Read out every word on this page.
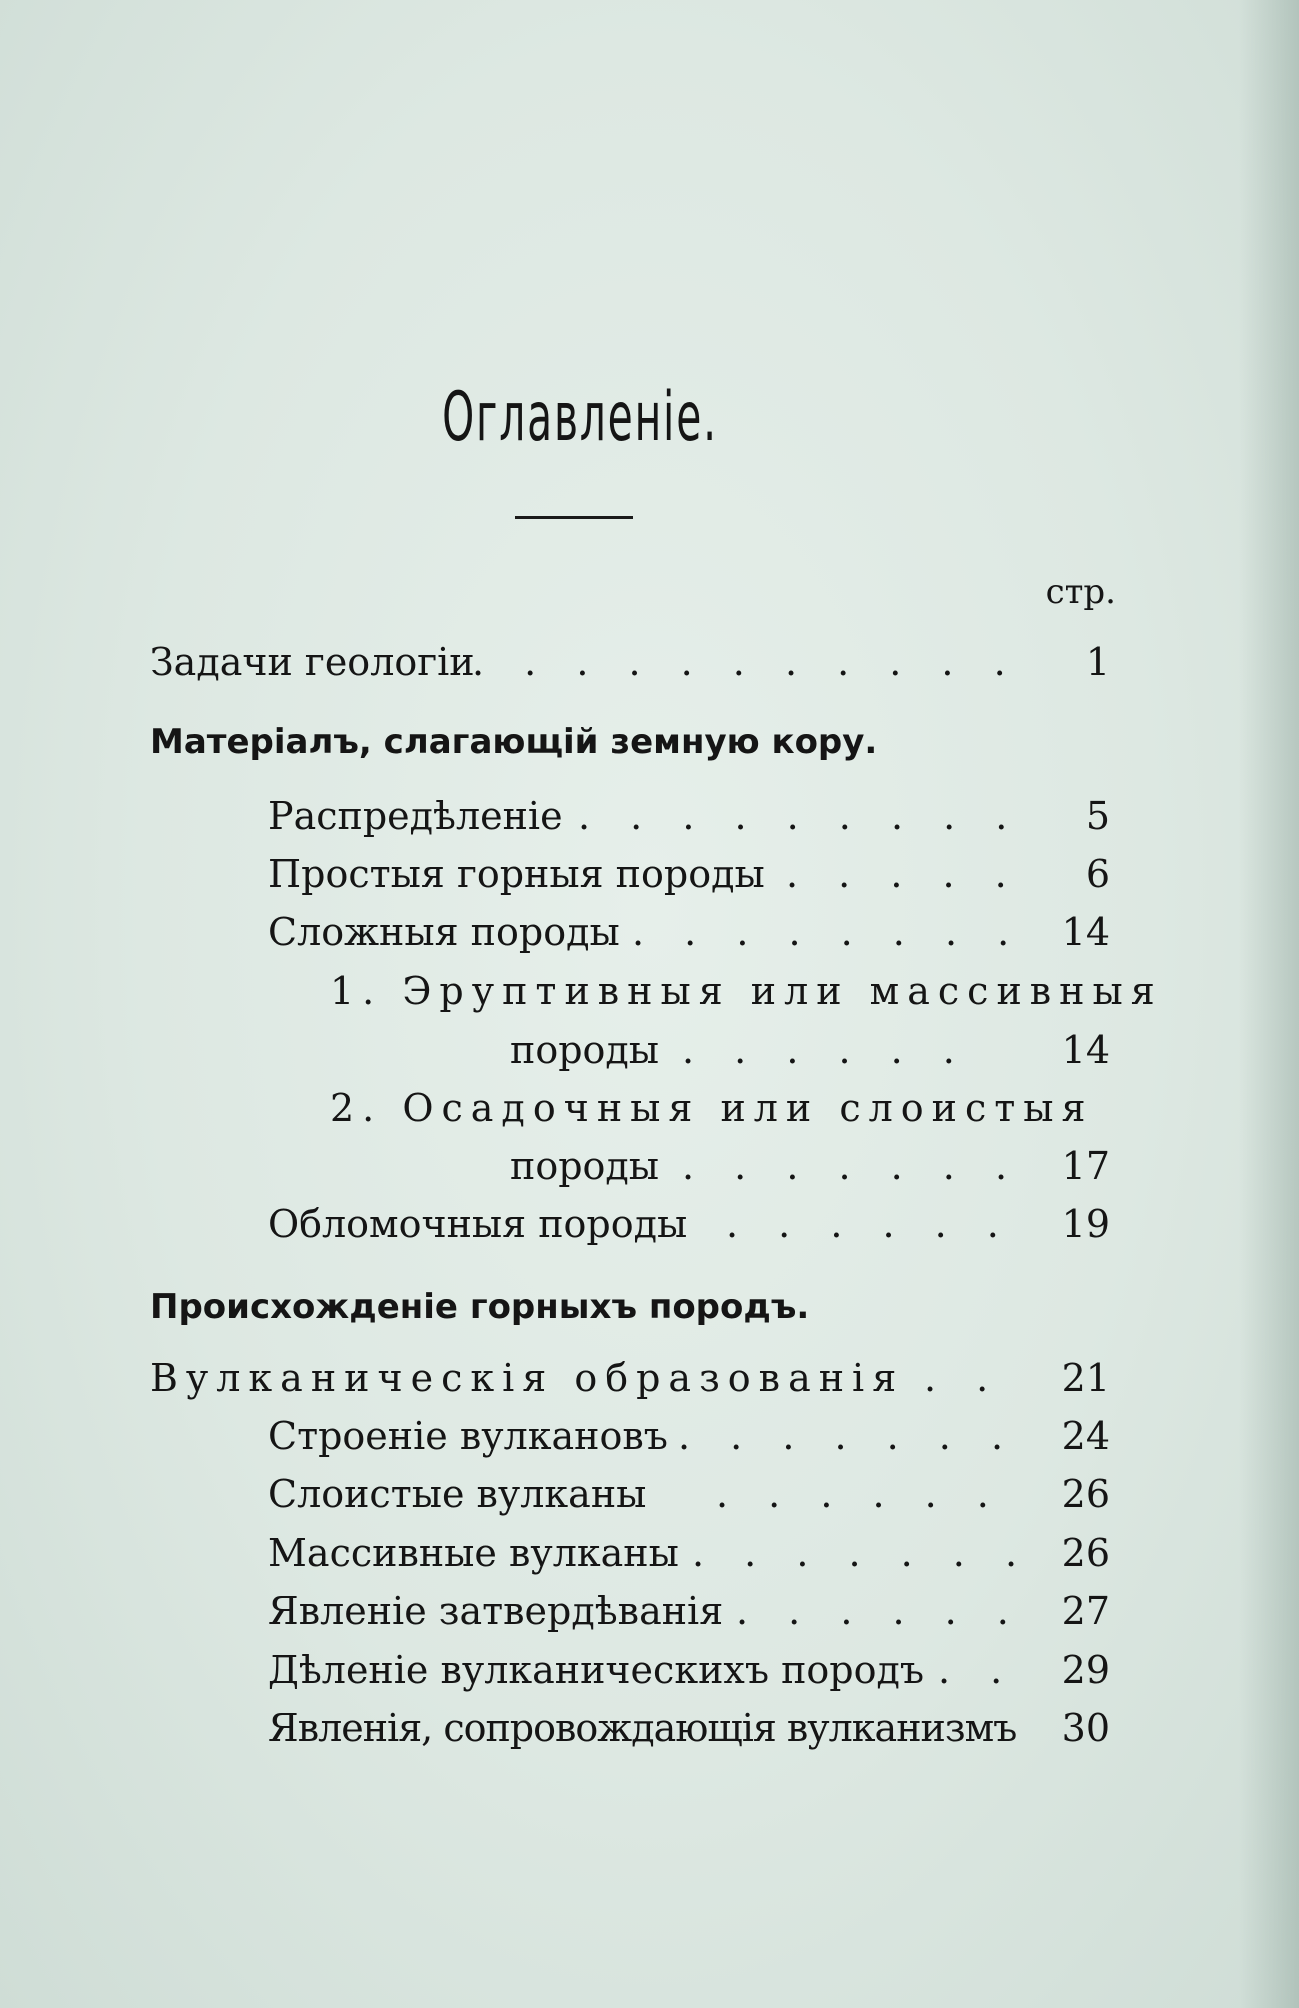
Оглавленіе.
стр.
Задачи геологіи
. . . . . . . . . . . 1
Матеріалъ, слагающій земную кору.
Распредѣленіе . . . . . . . . . 5
Простыя горныя породы . . . . . 6
Сложныя породы . . . . . . . . 14
1. Эруптивныя или массивныя
породы . . . . . . 14
2. Осадочныя или слоистыя
породы . . . . . . . 17
Обломочныя породы . . . . . . 19
Происхожденіе горныхъ породъ.
Вулканическія образованія . . 21
Строеніе вулкановъ . . . . . . . 24
Слоистые вулканы . . . . . . 26
Массивные вулканы . . . . . . . 26
Явленіе затвердѣванія . . . . . . 27
Дѣленіе вулканическихъ породъ . . 29
Явленія, сопровождающія вулканизмъ 30
